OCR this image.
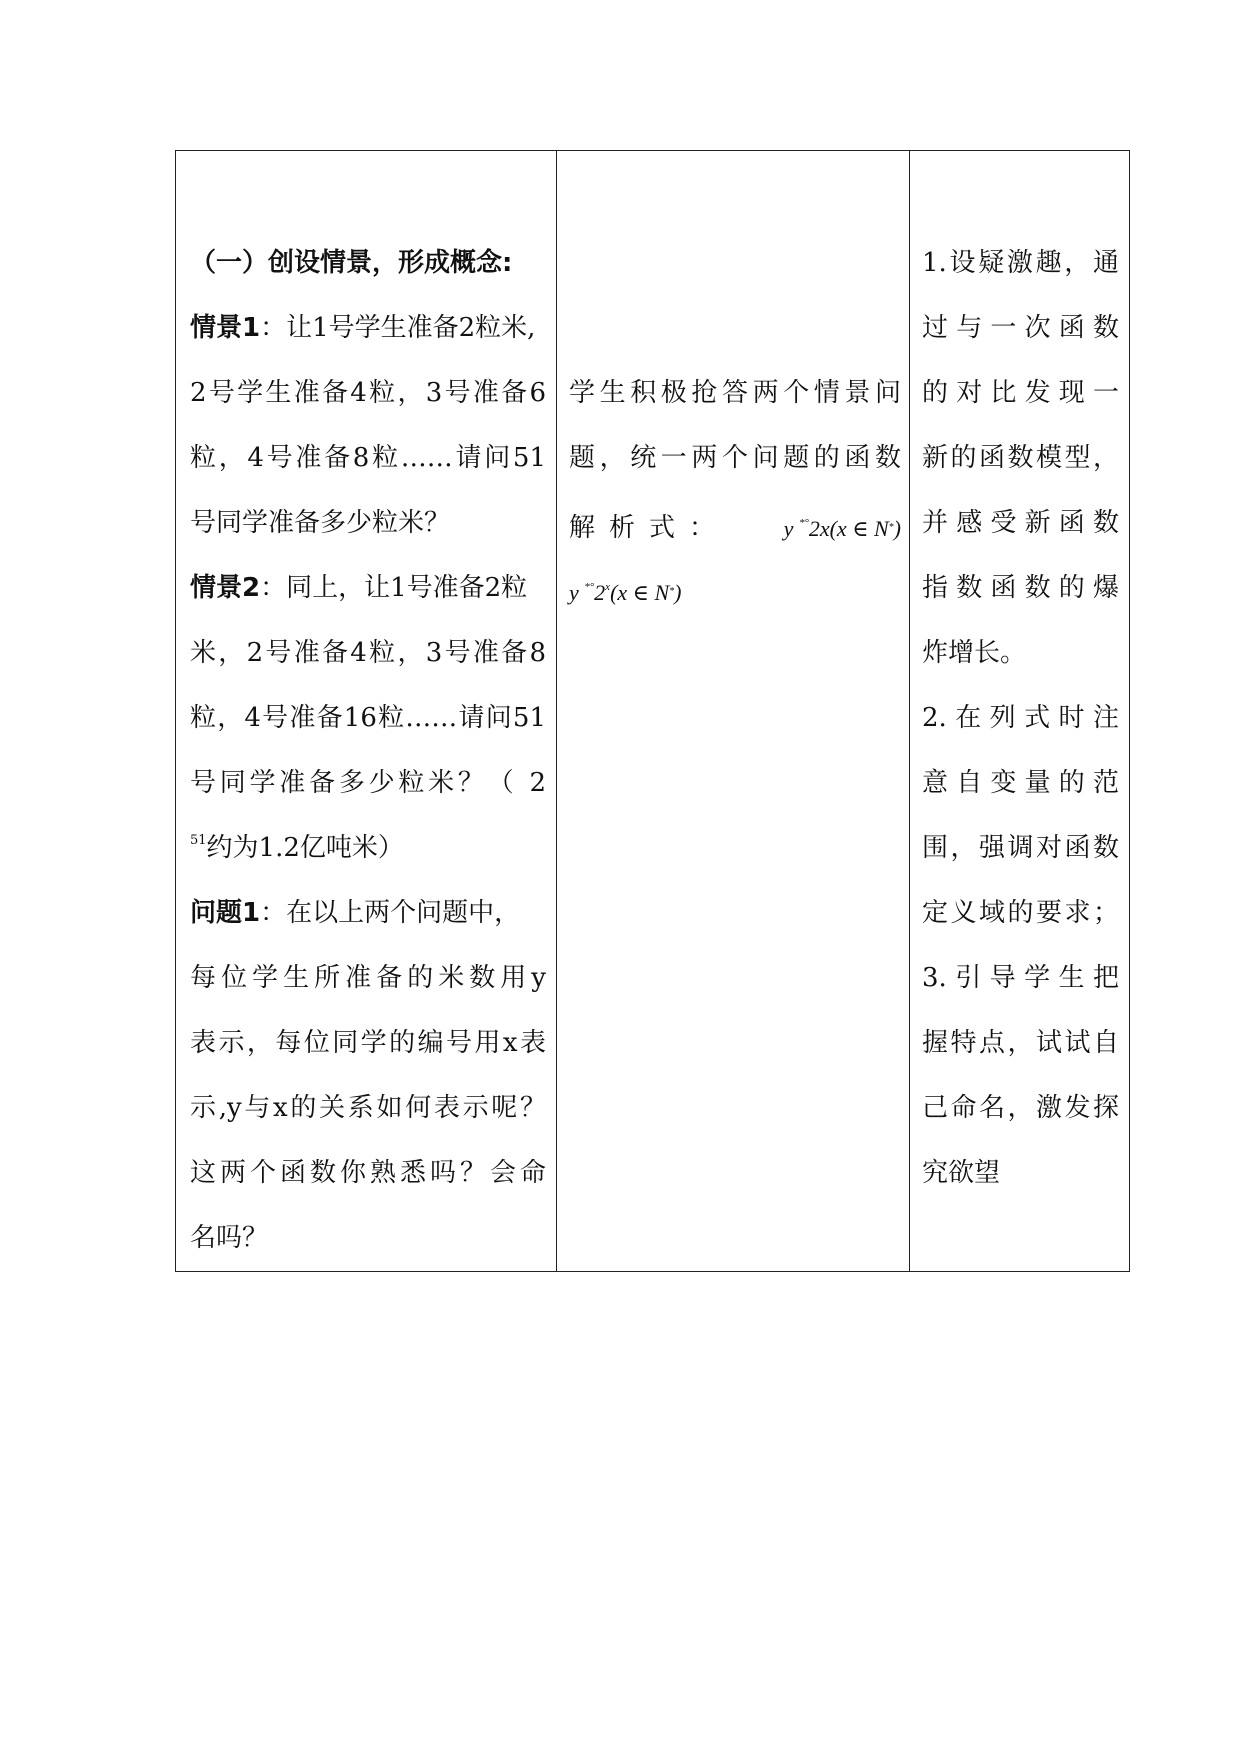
（一）创设情景，形成概念:
情景1：让1号学生准备2粒米,
2号学生准备4粒，3号准备6
粒，4号准备8粒……请问51
号同学准备多少粒米？
情景2：同上，让1号准备2粒
米，2号准备4粒，3号准备8
粒，4号准备16粒……请问51
号同学准备多少粒米？（ 2
$^{51}$约为1.2亿吨米）
问题1：在以上两个问题中，
每位学生所准备的米数用y
表示，每位同学的编号用x表
示,y与x的关系如何表示呢？
这两个函数你熟悉吗？会命
名吗？

学生积极抢答两个情景问
题，统一两个问题的函数
解析式： y *°2x(x ∈ N*)
y *°2$^x$(x ∈ N*)

1.设疑激趣，通
过与一次函数
的对比发现一
新的函数模型，
并感受新函数
指数函数的爆
炸增长。
2.在列式时注
意自变量的范
围，强调对函数
定义域的要求；
3.引导学生把
握特点，试试自
己命名，激发探
究欲望
